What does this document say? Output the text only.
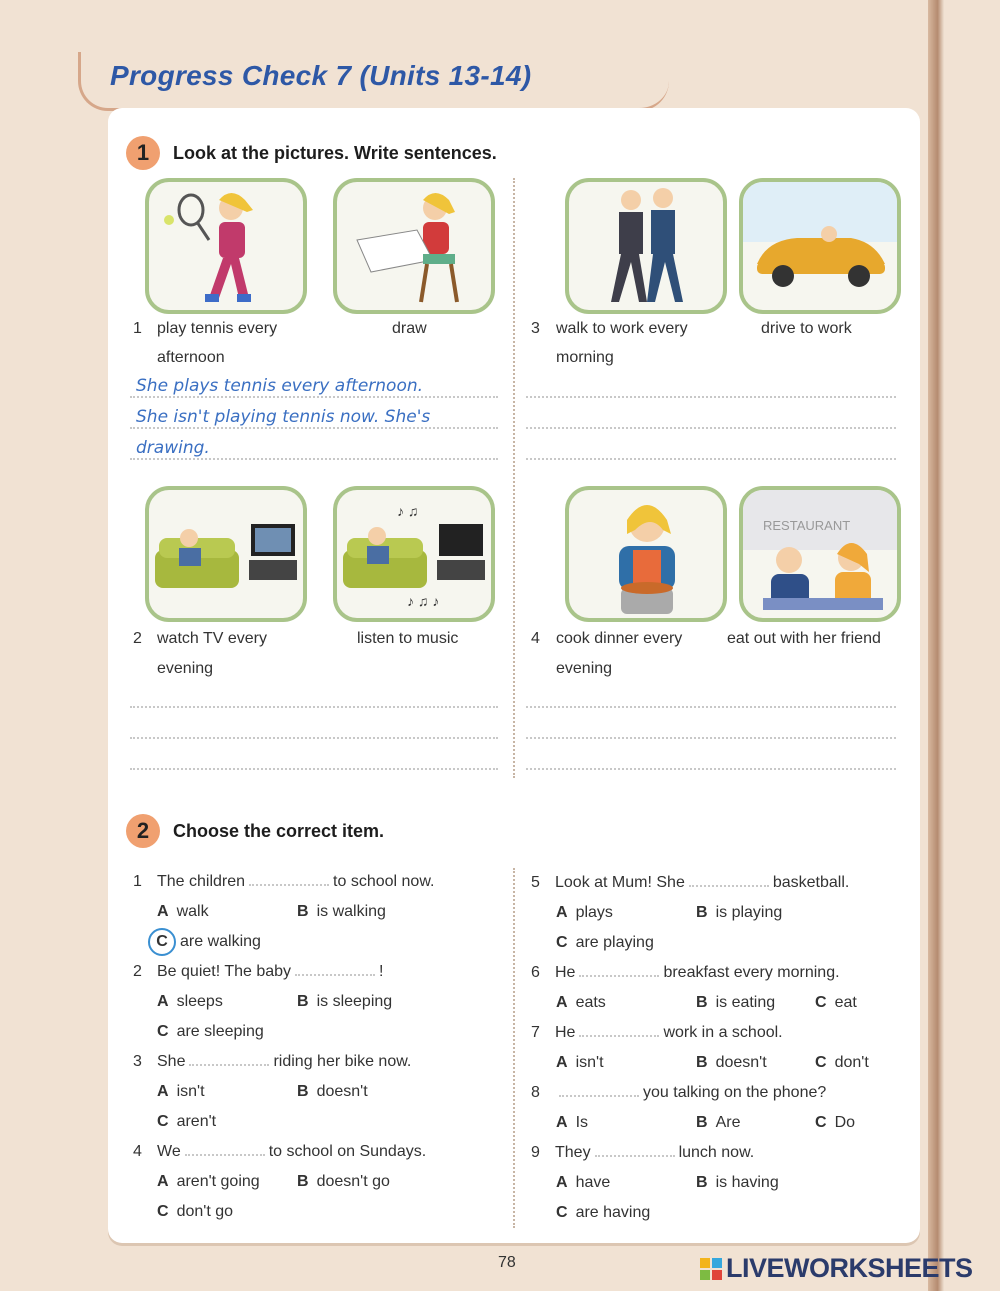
Progress Check 7 (Units 13-14)
1	Look at the pictures. Write sentences.
1 play tennis every
afternoon
draw	3 walk to work every
morning
drive to work
She plays tennis every afternoon.
She isn't playing tennis now. She's
drawing.
♪ ♫
♪ ♫ ♪
RESTAURANT
2 watch TV every
evening
listen to music	4 cook dinner every
evening
eat out with her friend
2	Choose the correct item.
1 The children	to school now.
A walk	B is walking
C are walking
2 Be quiet! The baby	!
A sleeps	B is sleeping
C are sleeping
3 She	riding her bike now.
A isn't	B doesn't
C aren't
4 We	to school on Sundays.
A aren't going B doesn't go
C don't go
5 Look at Mum! She	basketball.
A plays	B is playing
C are playing
6 He	breakfast every morning.
A eats	B is eating C eat
7 He	work in a school.
A isn't	B doesn't	C don't
8	you talking on the phone?
A Is	B Are	C Do
9 They	lunch now.
A have	B is having
C are having
78	LIVEWORKSHEETS
